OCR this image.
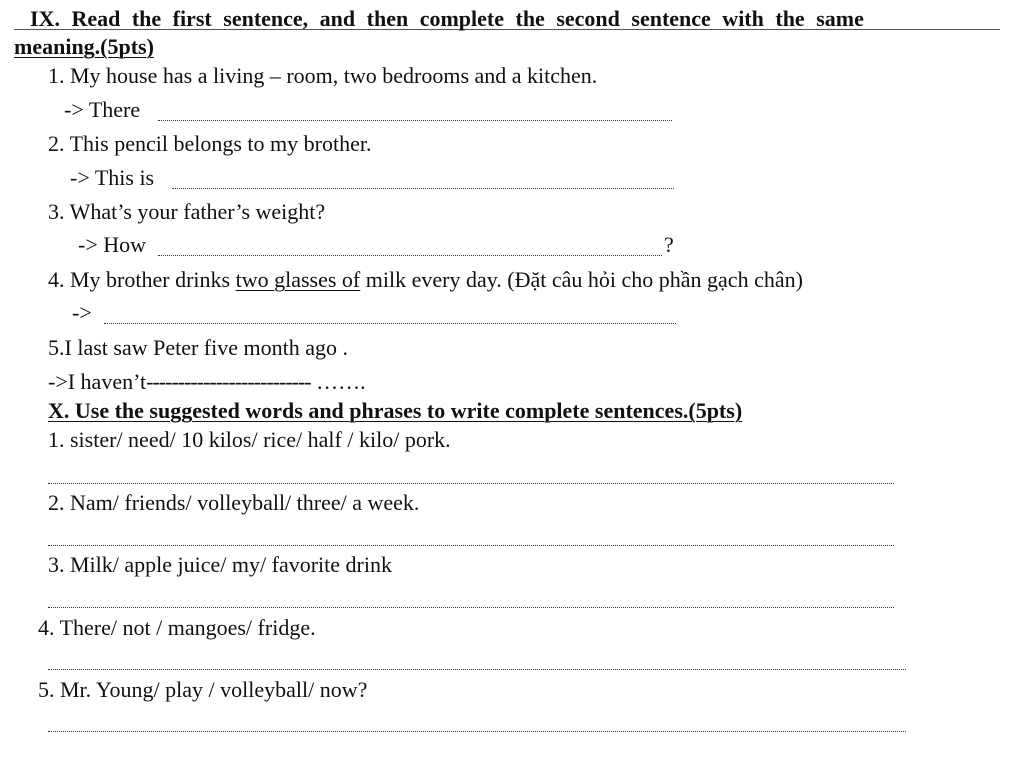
IX. Read the first sentence, and then complete the second sentence with the same
meaning.(5pts)
1. My house has a living – room, two bedrooms and a kitchen.
-> There
2. This pencil belongs to my brother.
-> This is
3. What’s your father’s weight?
-> How	?
4. My brother drinks two glasses of milk every day. (Đặt câu hỏi cho phần gạch chân)
->
5.I last saw Peter five month ago .
->I haven’t-------------------------- …….
X. Use the suggested words and phrases to write complete sentences.(5pts)
1. sister/ need/ 10 kilos/ rice/ half / kilo/ pork.
2. Nam/ friends/ volleyball/ three/ a week.
3. Milk/ apple juice/ my/ favorite drink
4. There/ not / mangoes/ fridge.
5. Mr. Young/ play / volleyball/ now?
